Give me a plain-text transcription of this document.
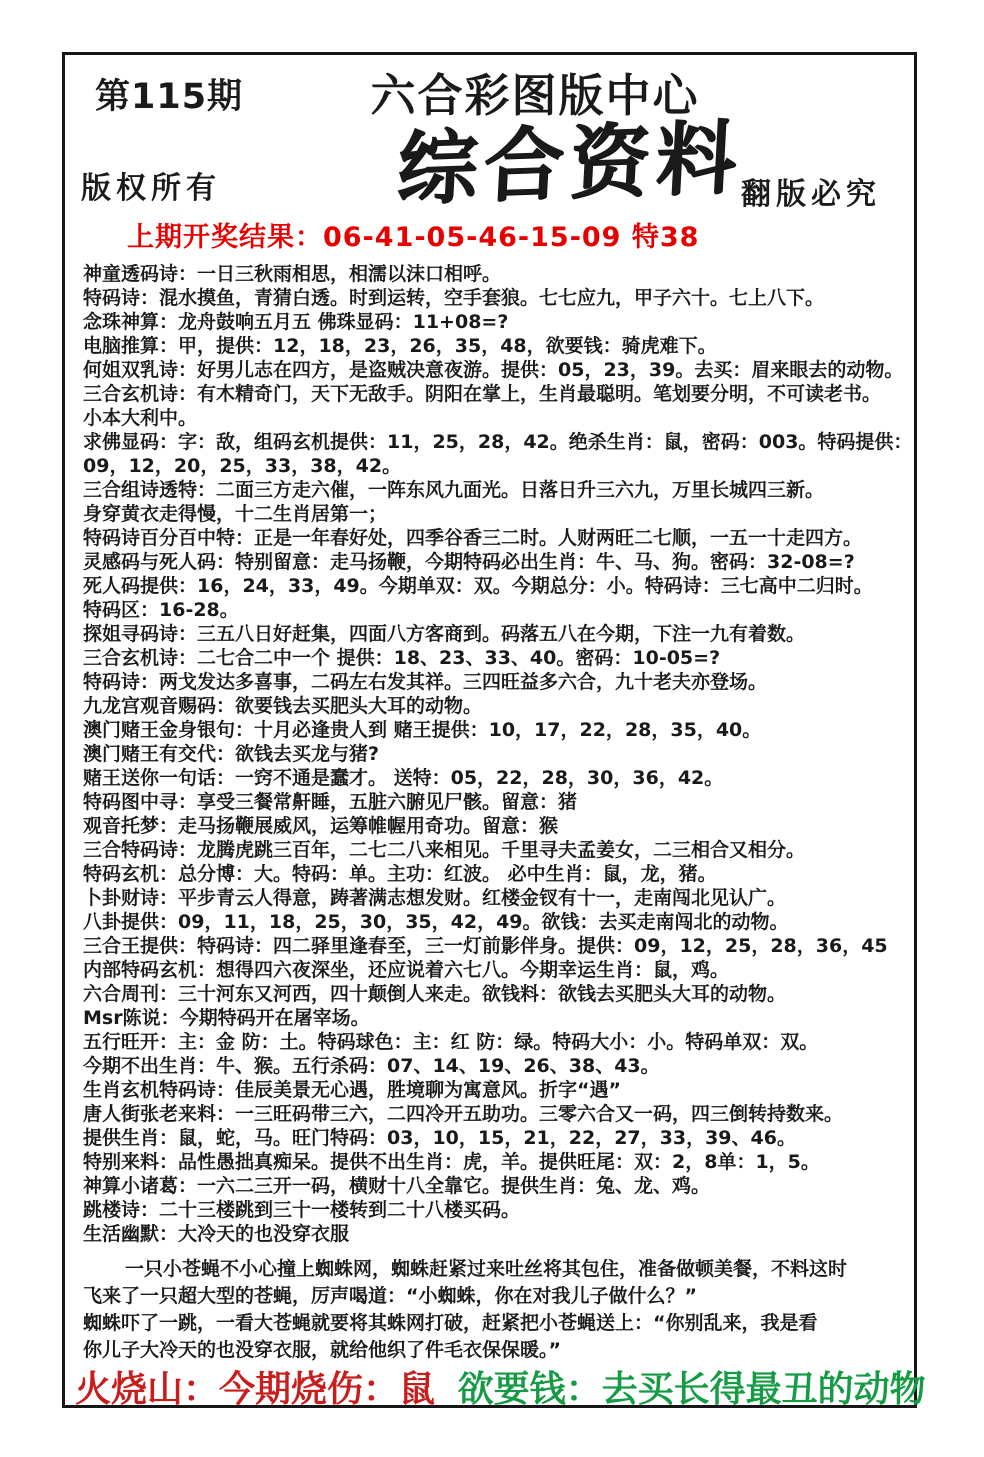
第115期	六合彩图版中心
综合资料
版权所有	翻版必究
上期开奖结果：06-41-05-46-15-09 特38
神童透码诗：一日三秋雨相思，相濡以沫口相呼。
特码诗：混水摸鱼，青猜白透。时到运转，空手套狼。七七应九，甲子六十。七上八下。
念珠神算：龙舟鼓响五月五 佛珠显码：11+08=?
电脑推算：甲，提供：12，18，23，26，35，48，欲要钱：骑虎难下。
何姐双乳诗：好男儿志在四方，是盗贼决意夜游。提供：05，23，39。去买：眉来眼去的动物。
三合玄机诗：有木精奇门，天下无敌手。阴阳在掌上，生肖最聪明。笔划要分明，不可读老书。
小本大利中。
求佛显码：字：敌，组码玄机提供：11，25，28，42。绝杀生肖：鼠，密码：003。特码提供：
09，12，20，25，33，38，42。
三合组诗透特：二面三方走六催，一阵东风九面光。日落日升三六九，万里长城四三新。
身穿黄衣走得慢，十二生肖居第一；
特码诗百分百中特：正是一年春好处，四季谷香三二时。人财两旺二七顺，一五一十走四方。
灵感码与死人码：特别留意：走马扬鞭，今期特码必出生肖：牛、马、狗。密码：32-08=?
死人码提供：16，24，33，49。今期单双：双。今期总分：小。特码诗：三七高中二归时。
特码区：16-28。
探姐寻码诗：三五八日好赶集，四面八方客商到。码落五八在今期，下注一九有着数。
三合玄机诗：二七合二中一个 提供：18、23、33、40。密码：10-05=?
特码诗：两戈发达多喜事，二码左右发其祥。三四旺益多六合，九十老夫亦登场。
九龙宫观音赐码：欲要钱去买肥头大耳的动物。
澳门赌王金身银句：十月必逢贵人到 赌王提供：10，17，22，28，35，40。
澳门赌王有交代：欲钱去买龙与猪?
赌王送你一句话：一窍不通是蠢才。 送特：05，22，28，30，36，42。
特码图中寻：享受三餐常鼾睡，五脏六腑见尸骸。留意：猪
观音托梦：走马扬鞭展威风，运筹帷幄用奇功。留意：猴
三合特码诗：龙腾虎跳三百年，二七二八来相见。千里寻夫孟姜女，二三相合又相分。
特码玄机：总分博：大。特码：单。主功：红波。 必中生肖：鼠，龙，猪。
卜卦财诗：平步青云人得意，踌著满志想发财。红楼金钗有十一，走南闯北见认广。
八卦提供：09，11，18，25，30，35，42，49。欲钱：去买走南闯北的动物。
三合王提供：特码诗：四二驿里逢春至，三一灯前影伴身。提供：09，12，25，28，36，45
内部特码玄机：想得四六夜深坐，还应说着六七八。今期幸运生肖：鼠，鸡。
六合周刊：三十河东又河西，四十颠倒人来走。欲钱料：欲钱去买肥头大耳的动物。
Msr陈说：今期特码开在屠宰场。
五行旺开：主：金 防：土。特码球色：主：红 防：绿。特码大小：小。特码单双：双。
今期不出生肖：牛、猴。五行杀码：07、14、19、26、38、43。
生肖玄机特码诗：佳辰美景无心遇，胜境聊为寓意风。折字“遇”
唐人街张老来料：一三旺码带三六，二四冷开五助功。三零六合又一码，四三倒转持数来。
提供生肖：鼠，蛇，马。旺门特码：03，10，15，21，22，27，33，39、46。
特别来料：品性愚拙真痴呆。提供不出生肖：虎，羊。提供旺尾：双：2，8单：1，5。
神算小诸葛：一六二三开一码，横财十八全靠它。提供生肖：兔、龙、鸡。
跳楼诗：二十三楼跳到三十一楼转到二十八楼买码。
生活幽默：大冷天的也没穿衣服
一只小苍蝇不小心撞上蜘蛛网，蜘蛛赶紧过来吐丝将其包住，准备做顿美餐，不料这时
飞来了一只超大型的苍蝇，厉声喝道：“小蜘蛛，你在对我儿子做什么？”
蜘蛛吓了一跳，一看大苍蝇就要将其蛛网打破，赶紧把小苍蝇送上：“你别乱来，我是看
你儿子大冷天的也没穿衣服，就给他织了件毛衣保保暖。”
火烧山：今期烧伤：鼠 欲要钱：去买长得最丑的动物
